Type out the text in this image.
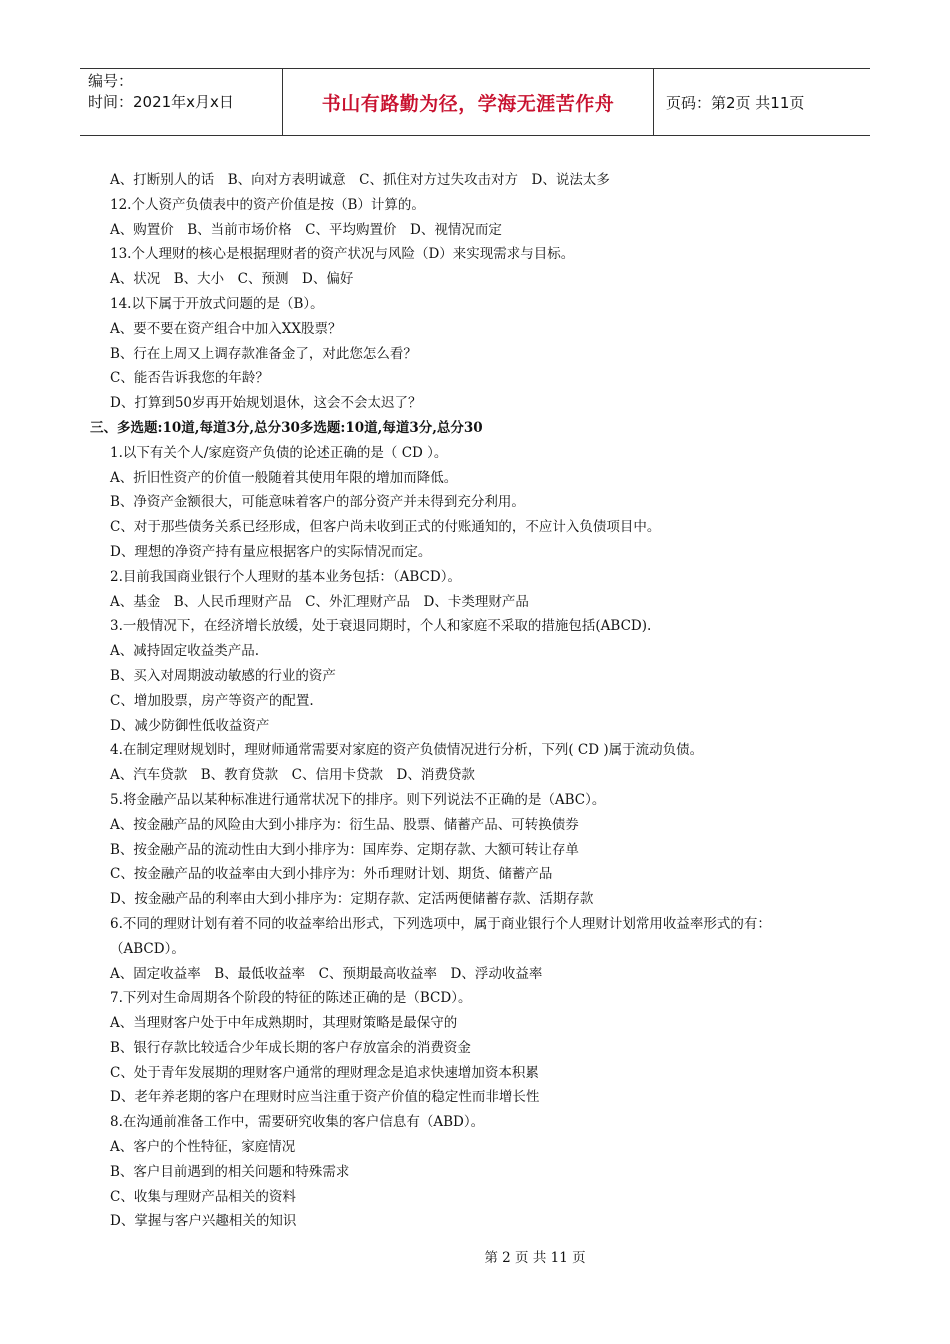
编号：
时间：2021年x月x日	书山有路勤为径，学海无涯苦作舟	页码：第2页 共11页
A、打断别人的话　B、向对方表明诚意　C、抓住对方过失攻击对方　D、说法太多
12.个人资产负债表中的资产价值是按（B）计算的。
A、购置价　B、当前市场价格　C、平均购置价　D、视情况而定
13.个人理财的核心是根据理财者的资产状况与风险（D）来实现需求与目标。
A、状况　B、大小　C、预测　D、偏好
14.以下属于开放式问题的是（B）。
A、要不要在资产组合中加入XX股票？
B、行在上周又上调存款准备金了，对此您怎么看？
C、能否告诉我您的年龄？
D、打算到50岁再开始规划退休，这会不会太迟了？
三、多选题:10道,每道3分,总分30多选题:10道,每道3分,总分30
1.以下有关个人/家庭资产负债的论述正确的是（ CD ）。
A、折旧性资产的价值一般随着其使用年限的增加而降低。
B、净资产金额很大，可能意味着客户的部分资产并未得到充分利用。
C、对于那些债务关系已经形成，但客户尚未收到正式的付账通知的，不应计入负债项目中。
D、理想的净资产持有量应根据客户的实际情况而定。
2.目前我国商业银行个人理财的基本业务包括：（ABCD）。
A、基金　B、人民币理财产品　C、外汇理财产品　D、卡类理财产品
3.一般情况下，在经济增长放缓，处于衰退同期时，个人和家庭不采取的措施包括(ABCD).
A、减持固定收益类产品.
B、买入对周期波动敏感的行业的资产
C、增加股票，房产等资产的配置.
D、减少防御性低收益资产
4.在制定理财规划时，理财师通常需要对家庭的资产负债情况进行分析，下列( CD )属于流动负债。
A、汽车贷款　B、教育贷款　C、信用卡贷款　D、消费贷款
5.将金融产品以某种标准进行通常状况下的排序。则下列说法不正确的是（ABC）。
A、按金融产品的风险由大到小排序为：衍生品、股票、储蓄产品、可转换债券
B、按金融产品的流动性由大到小排序为：国库券、定期存款、大额可转让存单
C、按金融产品的收益率由大到小排序为：外币理财计划、期货、储蓄产品
D、按金融产品的利率由大到小排序为：定期存款、定活两便储蓄存款、活期存款
6.不同的理财计划有着不同的收益率给出形式，下列选项中，属于商业银行个人理财计划常用收益率形式的有：
（ABCD）。
A、固定收益率　B、最低收益率　C、预期最高收益率　D、浮动收益率
7.下列对生命周期各个阶段的特征的陈述正确的是（BCD）。
A、当理财客户处于中年成熟期时，其理财策略是最保守的
B、银行存款比较适合少年成长期的客户存放富余的消费资金
C、处于青年发展期的理财客户通常的理财理念是追求快速增加资本积累
D、老年养老期的客户在理财时应当注重于资产价值的稳定性而非增长性
8.在沟通前准备工作中，需要研究收集的客户信息有（ABD）。
A、客户的个性特征，家庭情况
B、客户目前遇到的相关问题和特殊需求
C、收集与理财产品相关的资料
D、掌握与客户兴趣相关的知识
第 2 页 共 11 页
